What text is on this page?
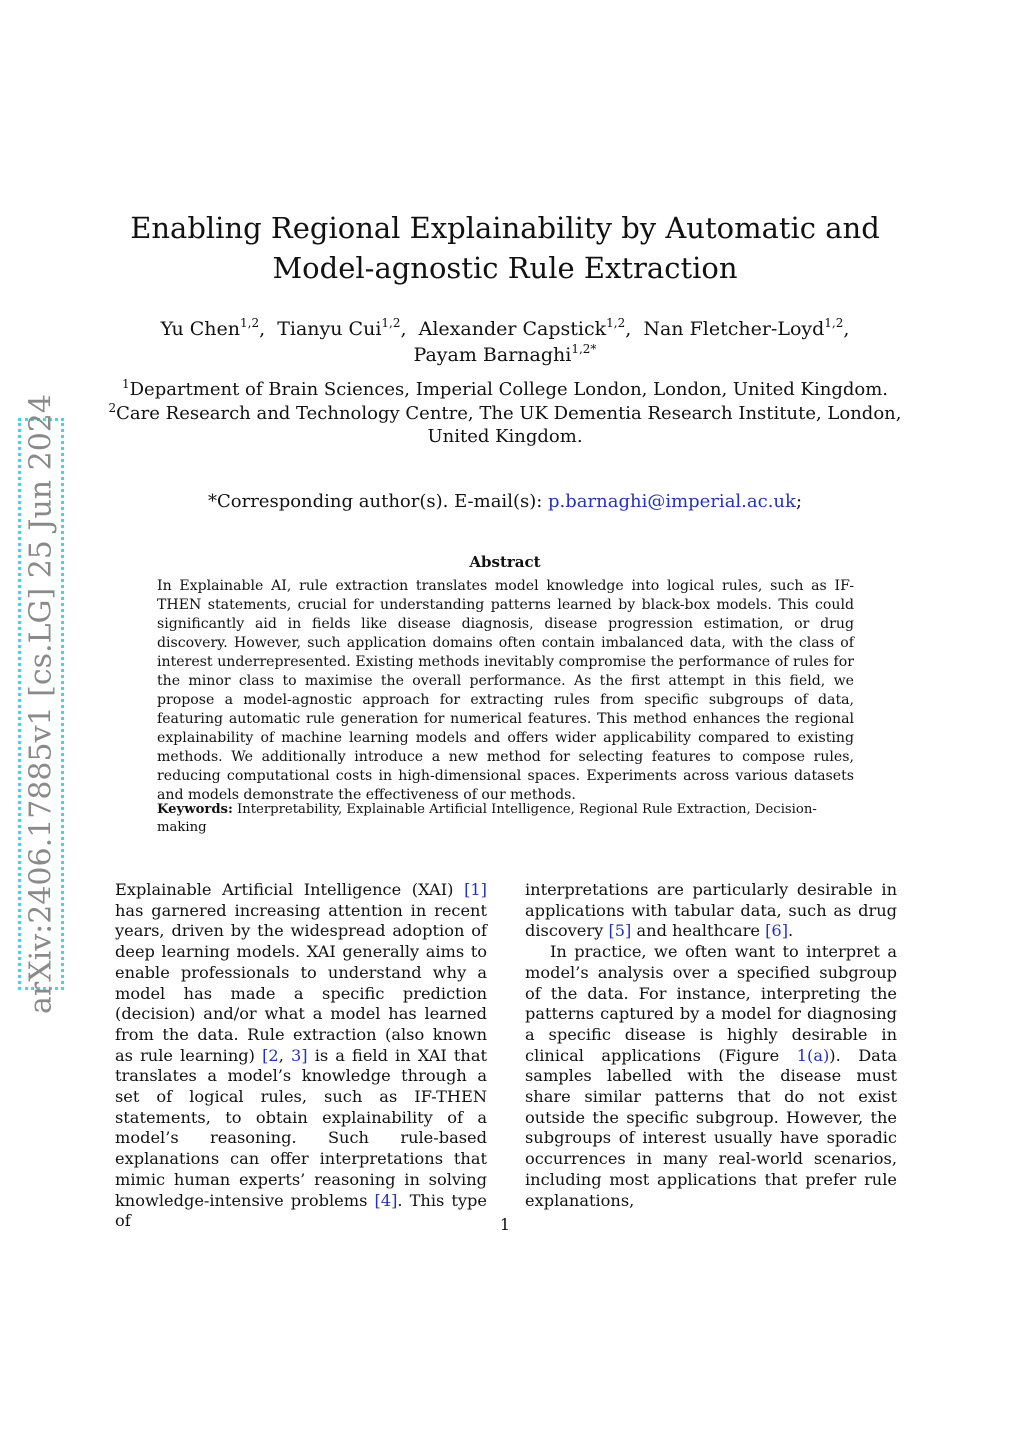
arXiv:2406.17885v1 [cs.LG] 25 Jun 2024
Enabling Regional Explainability by Automatic and
Model-agnostic Rule Extraction
Yu Chen$^{1,2}$,  Tianyu Cui$^{1,2}$,  Alexander Capstick$^{1,2}$,  Nan Fletcher-Loyd$^{1,2}$,
Payam Barnaghi$^{1,2*}$
$^1$Department of Brain Sciences, Imperial College London, London, United Kingdom.
$^2$Care Research and Technology Centre, The UK Dementia Research Institute, London,
United Kingdom.
*Corresponding author(s). E-mail(s): p.barnaghi@imperial.ac.uk;
Abstract
In Explainable AI, rule extraction translates model knowledge into logical rules, such as IF-THEN statements, crucial for understanding patterns learned by black-box models. This could significantly aid in fields like disease diagnosis, disease progression estimation, or drug discovery. However, such application domains often contain imbalanced data, with the class of interest underrepresented. Existing methods inevitably compromise the performance of rules for the minor class to maximise the overall performance. As the first attempt in this field, we propose a model-agnostic approach for extracting rules from specific subgroups of data, featuring automatic rule generation for numerical features. This method enhances the regional explainability of machine learning models and offers wider applicability compared to existing methods. We additionally introduce a new method for selecting features to compose rules, reducing computational costs in high-dimensional spaces. Experiments across various datasets and models demonstrate the effectiveness of our methods.
Keywords: Interpretability, Explainable Artificial Intelligence, Regional Rule Extraction, Decision-making

Explainable Artificial Intelligence (XAI) [1] has garnered increasing attention in recent years, driven by the widespread adoption of deep learning models. XAI generally aims to enable professionals to understand why a model has made a specific prediction (decision) and/or what a model has learned from the data. Rule extraction (also known as rule learning) [2, 3] is a field in XAI that translates a model’s knowledge through a set of logical rules, such as IF-THEN statements, to obtain explainability of a model’s reasoning. Such rule-based explanations can offer interpretations that mimic human experts’ reasoning in solving knowledge-intensive problems [4]. This type of

interpretations are particularly desirable in applications with tabular data, such as drug discovery [5] and healthcare [6].

In practice, we often want to interpret a model’s analysis over a specified subgroup of the data. For instance, interpreting the patterns captured by a model for diagnosing a specific disease is highly desirable in clinical applications (Figure 1(a)). Data samples labelled with the disease must share similar patterns that do not exist outside the specific subgroup. However, the subgroups of interest usually have sporadic occurrences in many real-world scenarios, including most applications that prefer rule explanations,

1
